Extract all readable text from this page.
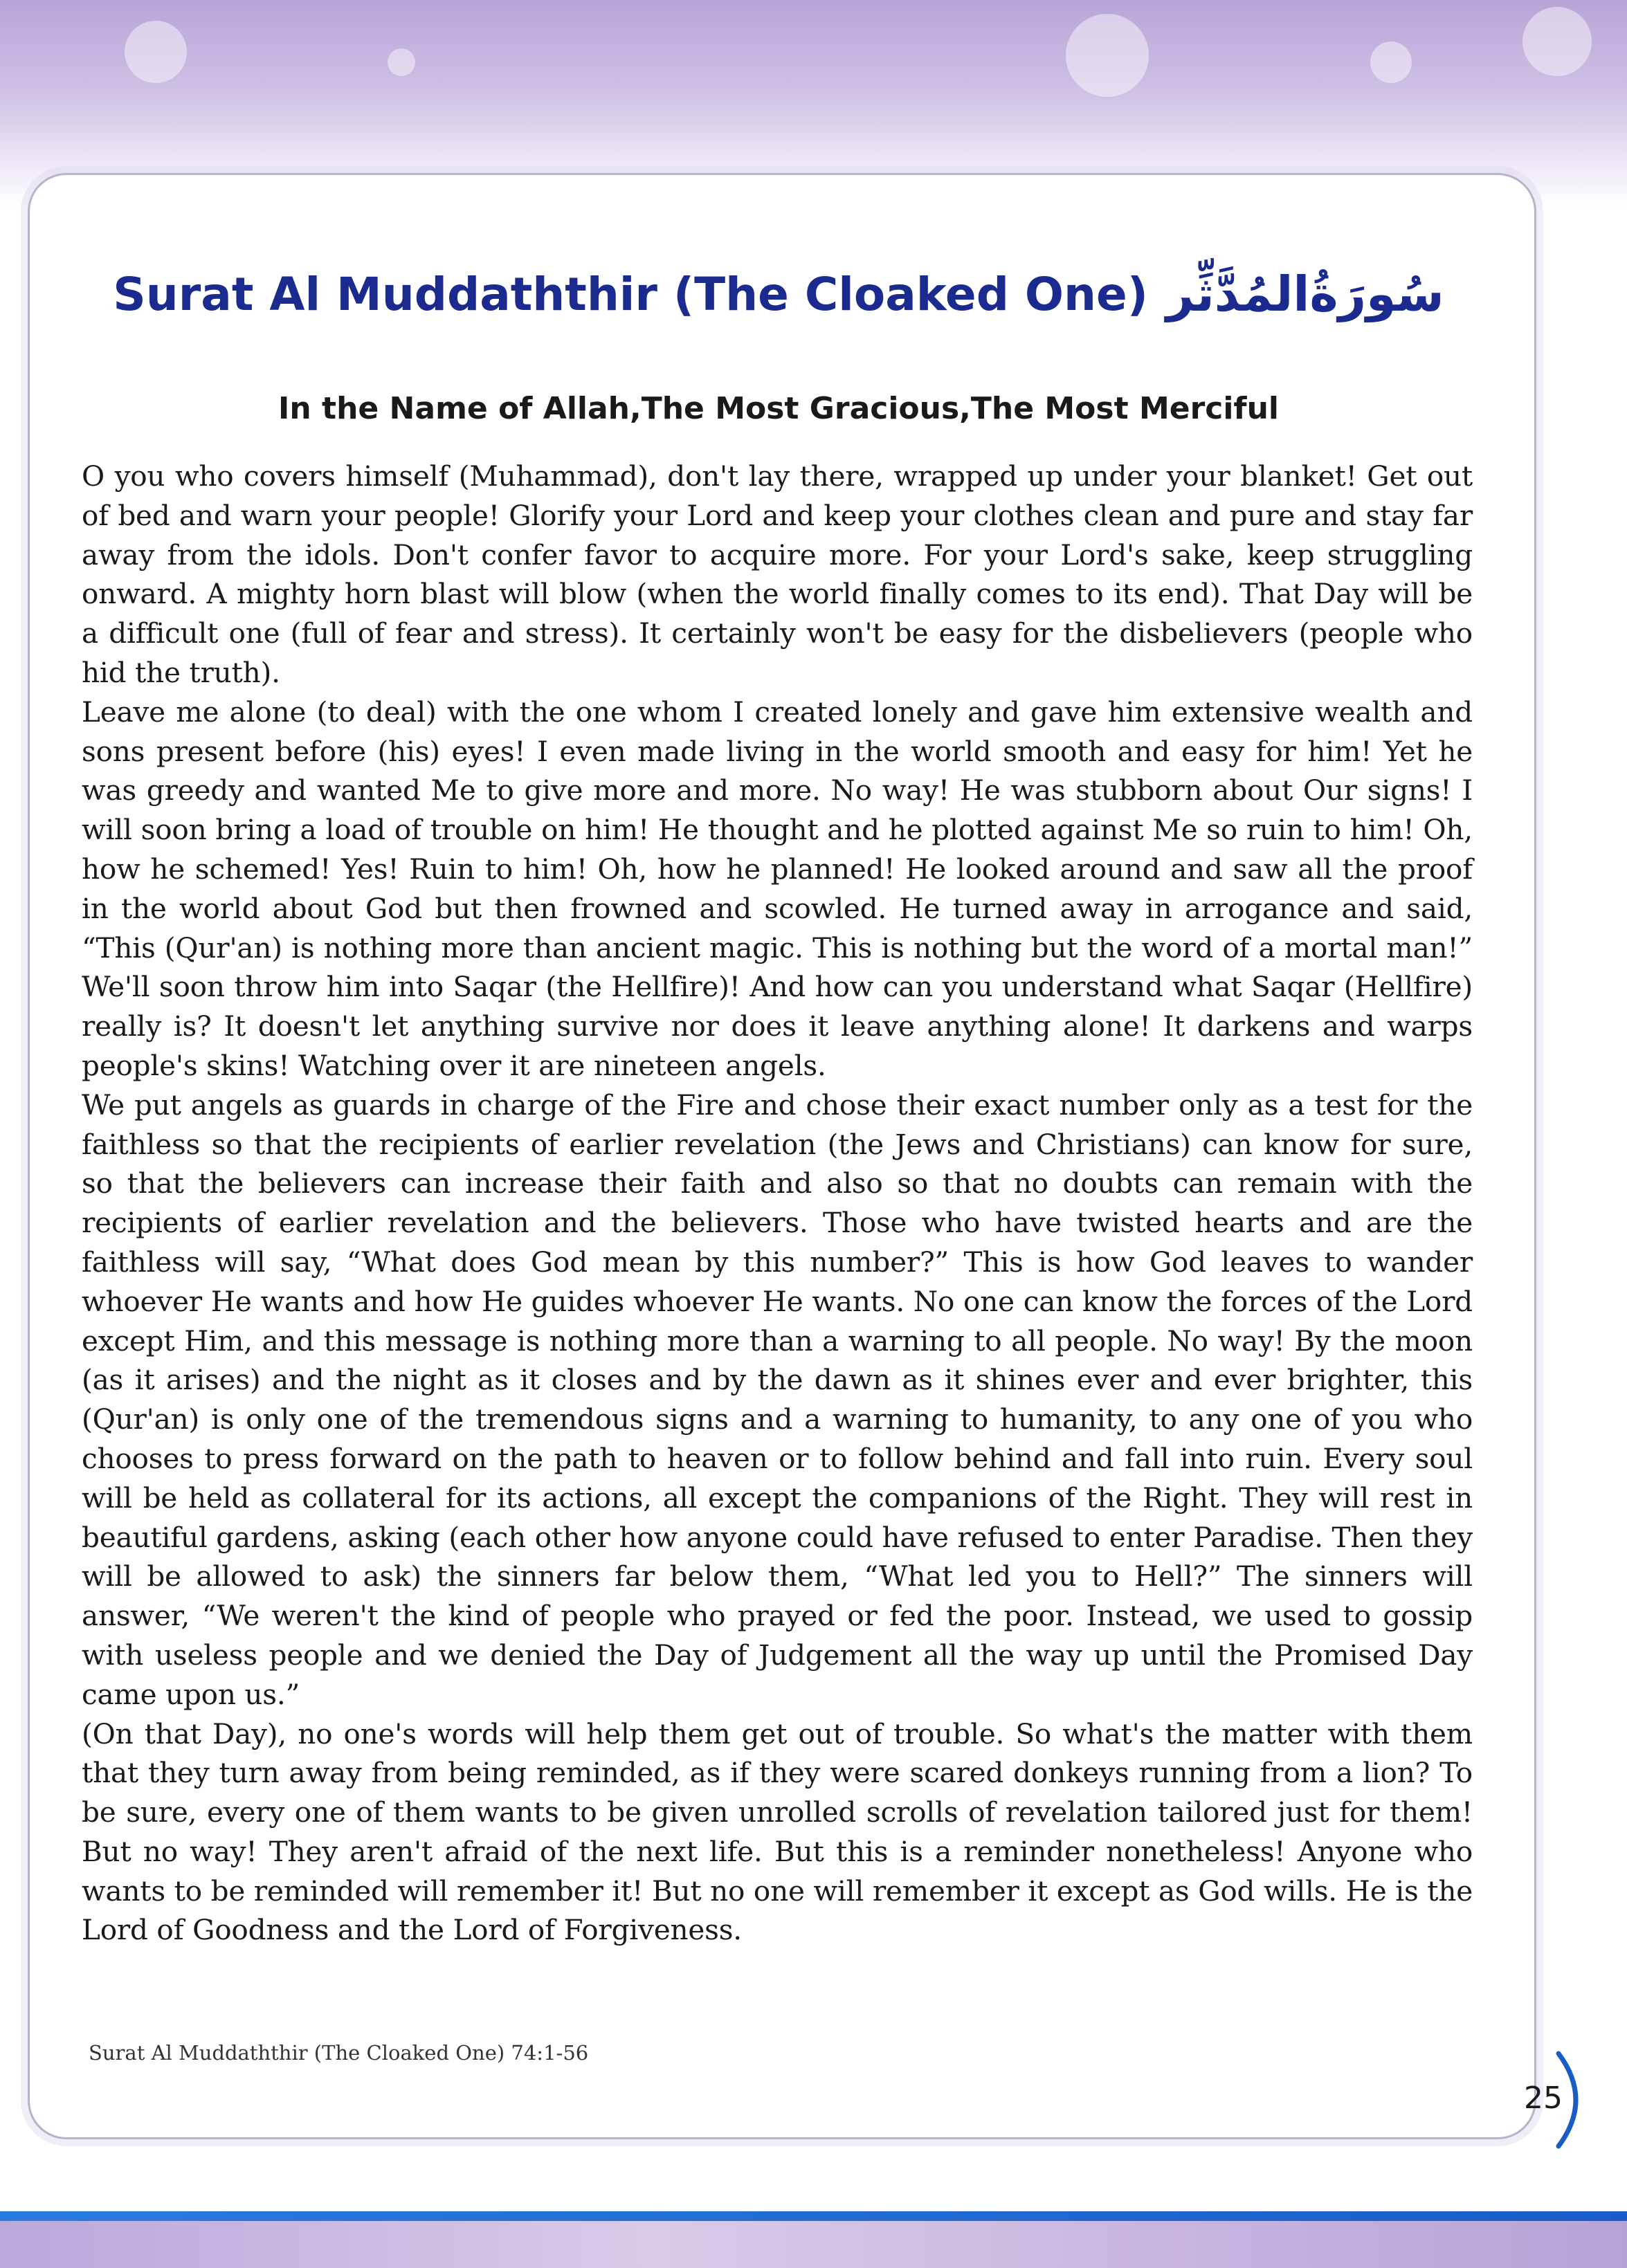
Surat Al Muddaththir (The Cloaked One) سُورَةُالمُدَّثِّر
In the Name of Allah,The Most Gracious,The Most Merciful

O you who covers himself (Muhammad), don't lay there, wrapped up under your blanket! Get out of bed and warn your people! Glorify your Lord and keep your clothes clean and pure and stay far away from the idols. Don't confer favor to acquire more. For your Lord's sake, keep struggling onward. A mighty horn blast will blow (when the world finally comes to its end). That Day will be a difficult one (full of fear and stress). It certainly won't be easy for the disbelievers (people who hid the truth).

Leave me alone (to deal) with the one whom I created lonely and gave him extensive wealth and sons present before (his) eyes! I even made living in the world smooth and easy for him! Yet he was greedy and wanted Me to give more and more. No way! He was stubborn about Our signs! I will soon bring a load of trouble on him! He thought and he plotted against Me so ruin to him! Oh, how he schemed! Yes! Ruin to him! Oh, how he planned! He looked around and saw all the proof in the world about God but then frowned and scowled. He turned away in arrogance and said, “This (Qur'an) is nothing more than ancient magic. This is nothing but the word of a mortal man!” We'll soon throw him into Saqar (the Hellfire)! And how can you understand what Saqar (Hellfire) really is? It doesn't let anything survive nor does it leave anything alone! It darkens and warps people's skins! Watching over it are nineteen angels.

We put angels as guards in charge of the Fire and chose their exact number only as a test for the faithless so that the recipients of earlier revelation (the Jews and Christians) can know for sure, so that the believers can increase their faith and also so that no doubts can remain with the recipients of earlier revelation and the believers. Those who have twisted hearts and are the faithless will say, “What does God mean by this number?” This is how God leaves to wander whoever He wants and how He guides whoever He wants. No one can know the forces of the Lord except Him, and this message is nothing more than a warning to all people. No way! By the moon (as it arises) and the night as it closes and by the dawn as it shines ever and ever brighter, this (Qur'an) is only one of the tremendous signs and a warning to humanity, to any one of you who chooses to press forward on the path to heaven or to follow behind and fall into ruin. Every soul will be held as collateral for its actions, all except the companions of the Right. They will rest in beautiful gardens, asking (each other how anyone could have refused to enter Paradise. Then they will be allowed to ask) the sinners far below them, “What led you to Hell?” The sinners will answer, “We weren't the kind of people who prayed or fed the poor. Instead, we used to gossip with useless people and we denied the Day of Judgement all the way up until the Promised Day came upon us.”

(On that Day), no one's words will help them get out of trouble. So what's the matter with them that they turn away from being reminded, as if they were scared donkeys running from a lion? To be sure, every one of them wants to be given unrolled scrolls of revelation tailored just for them! But no way! They aren't afraid of the next life. But this is a reminder nonetheless! Anyone who wants to be reminded will remember it! But no one will remember it except as God wills. He is the Lord of Goodness and the Lord of Forgiveness.

Surat Al Muddaththir (The Cloaked One) 74:1-56
25
